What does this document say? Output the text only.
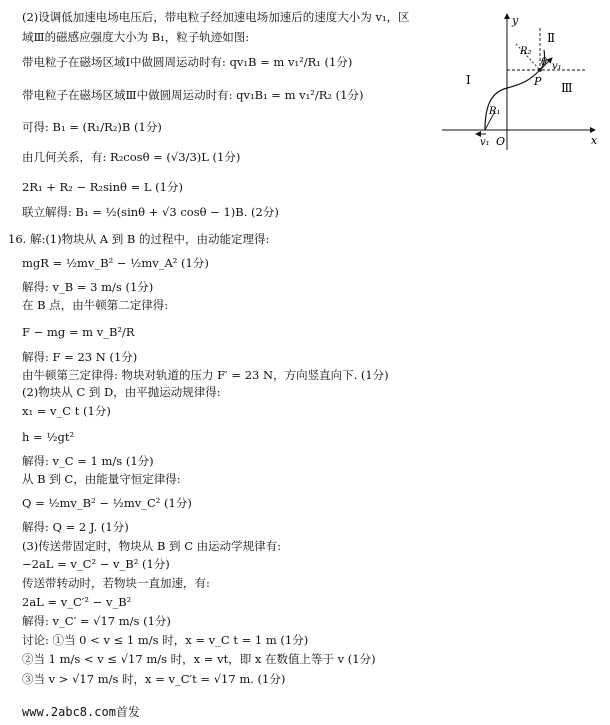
(2)设调低加速电场电压后，带电粒子经加速电场加速后的速度大小为 v₁，区
域Ⅲ的磁感应强度大小为 B₁，粒子轨迹如图:
带电粒子在磁场区域Ⅰ中做圆周运动时有: qv₁B = m v₁²/R₁ (1分)
带电粒子在磁场区域Ⅲ中做圆周运动时有: qv₁B₁ = m v₁²/R₂ (1分)
可得: B₁ = (R₁/R₂)B (1分)
由几何关系，有: R₂cosθ = (√3/3)L (1分)
2R₁ + R₂ − R₂sinθ = L (1分)
联立解得: B₁ = ½(sinθ + √3 cosθ − 1)B. (2分)
16. 解:(1)物块从 A 到 B 的过程中，由动能定理得:
mgR = ½mv_B² − ½mv_A² (1分)
解得: v_B = 3 m/s (1分)
在 B 点，由牛顿第二定律得:
F − mg = m v_B²/R
解得: F = 23 N (1分)
由牛顿第三定律得: 物块对轨道的压力 F′ = 23 N，方向竖直向下. (1分)
(2)物块从 C 到 D，由平抛运动规律得:
x₁ = v_C t (1分)
h = ½gt²
解得: v_C = 1 m/s (1分)
从 B 到 C，由能量守恒定律得:
Q = ½mv_B² − ½mv_C² (1分)
解得: Q = 2 J. (1分)
(3)传送带固定时，物块从 B 到 C 由运动学规律有:
−2aL = v_C² − v_B² (1分)
传送带转动时，若物块一直加速，有:
2aL = v_C′² − v_B²
解得: v_C′ = √17 m/s (1分)
讨论: ①当 0 < v ≤ 1 m/s 时，x = v_C t = 1 m (1分)
②当 1 m/s < v ≤ √17 m/s 时，x = vt，即 x 在数值上等于 v (1分)
③当 v > √17 m/s 时，x = v_C′t = √17 m. (1分)
y
x
O
P
R₁
R₂
θ v₁
v₁
Ⅰ
Ⅱ
Ⅲ
www.2abc8.com首发
